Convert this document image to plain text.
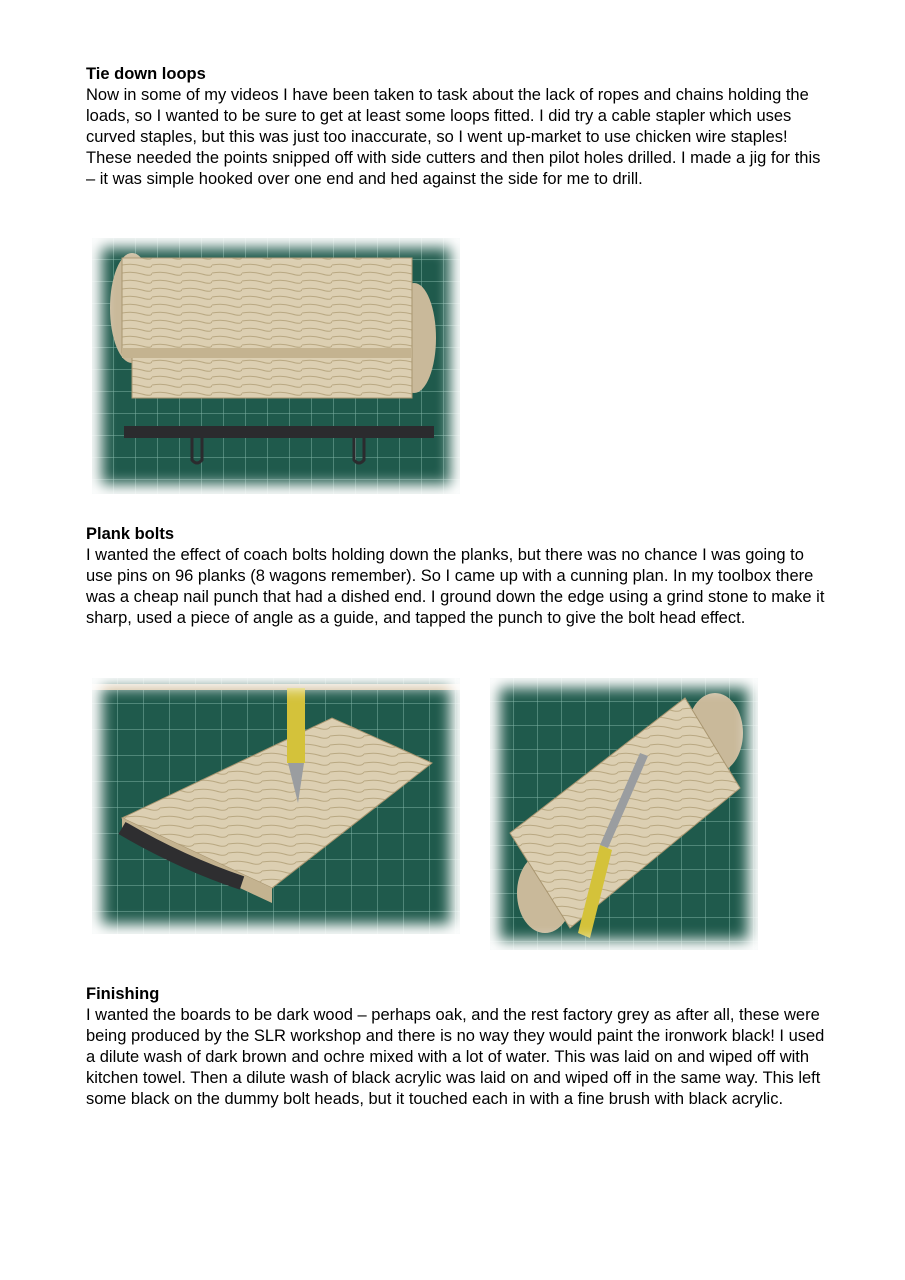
Tie down loops
Now in some of my videos I have been taken to task about the lack of ropes and chains holding the loads, so I wanted to be sure to get at least some loops fitted. I did try a cable stapler which uses curved staples, but this was just too inaccurate, so I went up-market to use chicken wire staples! These needed the points snipped off with side cutters and then pilot holes drilled. I made a jig for this – it was simple hooked over one end and hed against the side for me to drill.
Plank bolts
I wanted the effect of coach bolts holding down the planks, but there was no chance I was going to use pins on 96 planks (8 wagons remember). So I came up with a cunning plan. In my toolbox there was a cheap nail punch that had a dished end. I ground down the edge using a grind stone to make it sharp, used a piece of angle as a guide, and tapped the punch to give the bolt head effect.
Finishing
I wanted the boards to be dark wood – perhaps oak, and the rest factory grey as after all, these were being produced by the SLR workshop and there is no way they would paint the ironwork black! I used a dilute wash of dark brown and ochre mixed with a lot of water. This was laid on and wiped off with kitchen towel. Then a dilute wash of black acrylic was laid on and wiped off in the same way. This left some black on the dummy bolt heads, but it touched each in with a fine brush with black acrylic.
